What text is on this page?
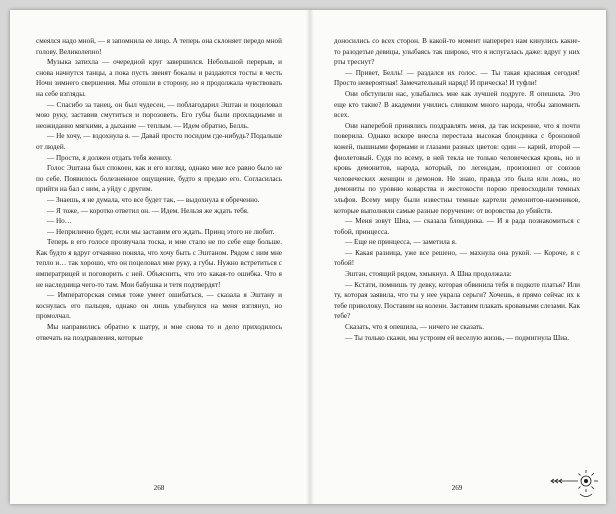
смеялся надо мной, — я запомнила ее лицо. А теперь она склоняет передо мной голову. Великолепно!

Музыка затихла — очередной круг завершился. Небольшой перерыв, и снова начнутся танцы, а пока пусть звенят бокалы и раздаются тосты в честь Ночи зимнего свершения. Мы отошли в сторону, но я продолжала чувствовать на себе взгляды.

— Спасибо за танец, он был чудесен, — поблагодарил Эштан и поцеловал мою руку, заставив смутиться и порозоветь. Его губы были прохладными и неожиданно мягкими, а дыхание — теплым. — Идем обратно, Белль.

— Не хочу, — вздохнула я. — Давай просто посидим где-нибудь? Подальше от людей.

— Прости, я должен отдать тебя жениху.

Голос Эштана был спокоен, как и его взгляд, однако мне все равно было не по себе. Появилось болезненное ощущение, будто я предаю его. Согласилась прийти на бал с ним, а уйду с другим.

— Знаешь, я не думала, что все будет так, — выдохнула я обреченно.

— Я тоже, — коротко ответил он. — Идем. Нельзя же ждать тебя.

— Но…

— Неприлично будет, если мы заставим его ждать. Принц этого не любит.

Теперь в его голосе прозвучала тоска, и мне стало не по себе еще больше. Как будто я вдруг отчаянно поняла, что хочу быть с Эштаном. Рядом с ним мне тепло и… так хорошо, что он поцеловал мне руку, а губы. Нужно встретиться с императрицей и поговорить с ней. Объяснить, что это какая-то ошибка. Что я не наследница чего-то там. Мои бабушка и тетя подтвердят!

— Императорская семья тоже умеет ошибаться, — сказала я Эштану и коснулась его пальцев, однако он лишь улыбнулся на меня взглянул, но промолчал.

Мы направились обратно к шатру, и мне снова то и дело приходилось отвечать на поздравления, которые

доносились со всех сторон. В какой-то момент наперерез нам кинулись какие-то разодетые девицы, улыбаясь так широко, что я испугалась даже: вдруг у них рты треснут?

— Привет, Белль! — раздался их голос. — Ты такая красивая сегодня! Просто невероятная! Замечательный наряд! И прическа! И туфли!

Они обступили нас, улыбались мне как лучшей подруге. Я опешила. Это еще кто такие? В академии учились слишком много народа, чтобы запомнить всех.

Они наперебой принялись поздравлять меня, да так искренне, что я почти поверила. Однако вскоре внесла перестала высокая блондинка с бронзовой кожей, пышными формами и глазами разных цветов: один — карий, второй — фиолетовый. Судя по всему, в ней текла не только человеческая кровь, но и кровь демонитов, народа, который, по легендам, произошел от союзов человеческих женщин и демонов. Не знаю, правда это была или ложь, но демониты по уровню коварства и жестокости порою превосходили темных эльфов. Всему миру были известны темные картели демонитов-наемников, которые выполняли самые разные поручение: от воровства до убийств.

— Меня зовут Шиа, — сказала блондинка. — И я рада познакомиться с тобой, принцесса.

— Еще не принцесса, — заметила я.

— Какая разница, уже все решено, — махнула она рукой. — Короче, я с тобой!

Эштан, стоящий рядом, хмыкнул. А Шиа продолжала:

— Кстати, помнишь ту девку, которая обвинила тебя в подкоте платья? Или ту, которая заявила, что ты у нее украла серьги? Хочешь, я прямо сейчас их к тебе приволоку. Поставим на колени. Заставим плакать кровавыми слезами. Как тебе?

Сказать, что я опешила, — ничего не сказать.

— Ты только скажи, мы устроим ей веселую жизнь, — подмигнула Шиа.

268	269
